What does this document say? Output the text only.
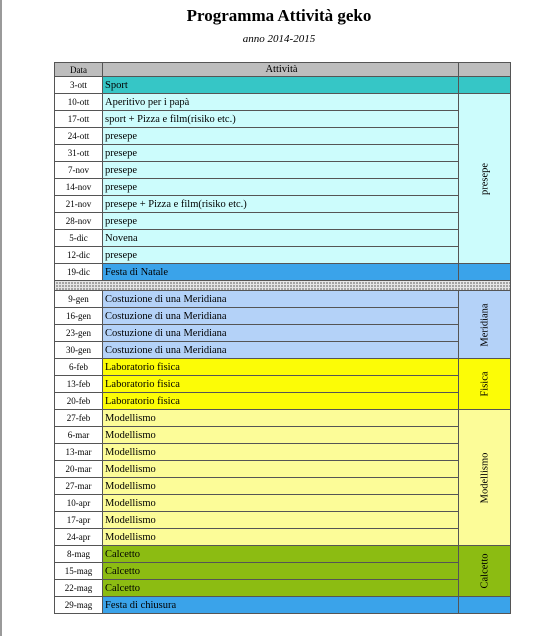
Programma Attività geko
anno 2014-2015
Data	Attività	
3-ott	Sport	

10-ott	Aperitivo per i papà	presepe

17-ott	sport + Pizza e film(risiko etc.)	
24-ott	presepe	
31-ott	presepe	
7-nov	presepe	
14-nov	presepe	
21-nov	presepe + Pizza e film(risiko etc.)	
28-nov	presepe	
5-dic	Novena	
12-dic	presepe	
19-dic	Festa di Natale	

9-gen	Costuzione di una Meridiana	Meridiana

16-gen	Costuzione di una Meridiana	
23-gen	Costuzione di una Meridiana	
30-gen	Costuzione di una Meridiana	
6-feb	Laboratorio fisica	Fisica

13-feb	Laboratorio fisica	
20-feb	Laboratorio fisica	
27-feb	Modellismo	Modellismo

6-mar	Modellismo	
13-mar	Modellismo	
20-mar	Modellismo	
27-mar	Modellismo	
10-apr	Modellismo	
17-apr	Modellismo	
24-apr	Modellismo	
8-mag	Calcetto	Calcetto

15-mag	Calcetto	
22-mag	Calcetto	
29-mag	Festa di chiusura	
